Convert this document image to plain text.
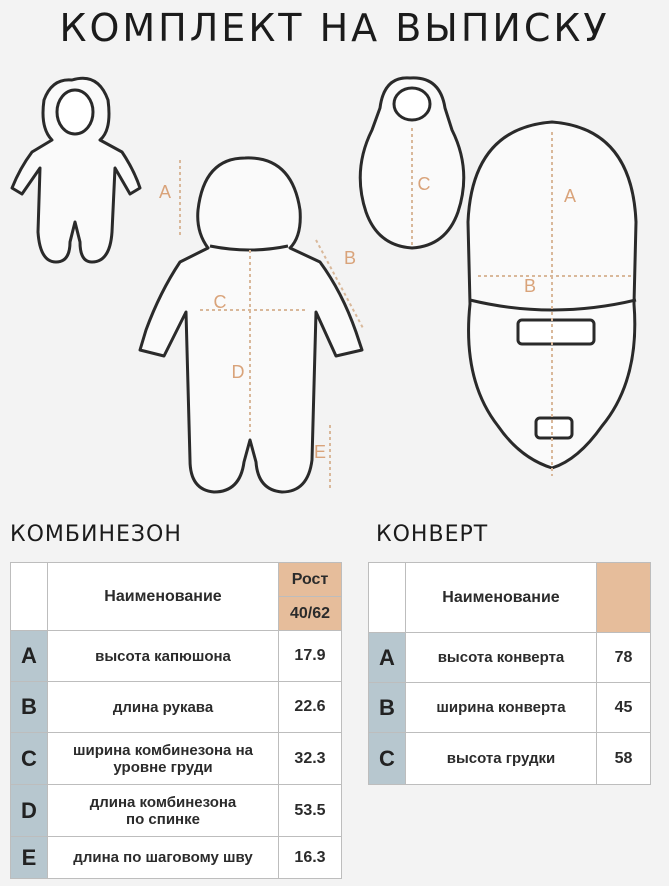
КОМПЛЕКТ НА ВЫПИСКУ
A
B
C
D
E
C
A
B
КОМБИНЕЗОН	КОНВЕРТ
	Наименование	Рост
		40/62
A	высота капюшона	17.9
B	длина рукава	22.6
C	ширина комбинезона на уровне груди	32.3
D	длина комбинезона по спинке	53.5
E	длина по шаговому шву	16.3
	Наименование	
A	высота конверта	78
B	ширина конверта	45
C	высота грудки	58
